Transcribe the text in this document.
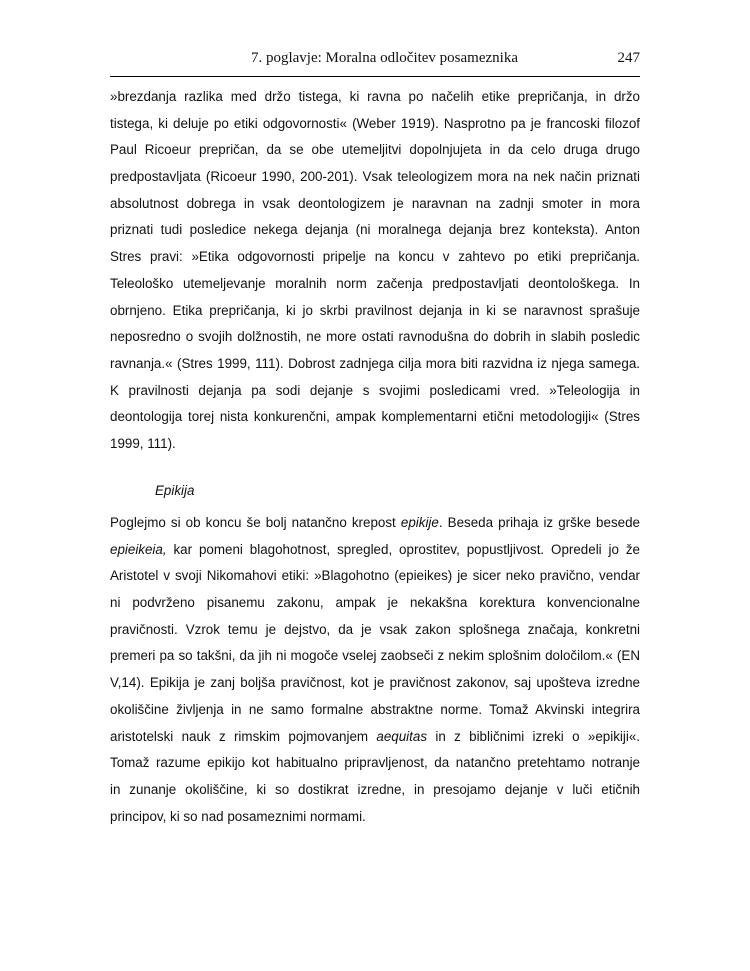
7. poglavje: Moralna odločitev posameznika	247
»brezdanja razlika med držo tistega, ki ravna po načelih etike prepričanja, in držo
tistega, ki deluje po etiki odgovornosti« (Weber 1919). Nasprotno pa je francoski filozof
Paul Ricoeur prepričan, da se obe utemeljitvi dopolnjujeta in da celo druga drugo
predpostavljata (Ricoeur 1990, 200-201). Vsak teleologizem mora na nek način priznati
absolutnost dobrega in vsak deontologizem je naravnan na zadnji smoter in mora
priznati tudi posledice nekega dejanja (ni moralnega dejanja brez konteksta). Anton
Stres pravi: »Etika odgovornosti pripelje na koncu v zahtevo po etiki prepričanja.
Teleološko utemeljevanje moralnih norm začenja predpostavljati deontološkega. In
obrnjeno. Etika prepričanja, ki jo skrbi pravilnost dejanja in ki se naravnost sprašuje
neposredno o svojih dolžnostih, ne more ostati ravnodušna do dobrih in slabih posledic
ravnanja.« (Stres 1999, 111). Dobrost zadnjega cilja mora biti razvidna iz njega samega.
K pravilnosti dejanja pa sodi dejanje s svojimi posledicami vred. »Teleologija in
deontologija torej nista konkurenčni, ampak komplementarni etični metodologiji« (Stres
1999, 111).
Epikija
Poglejmo si ob koncu še bolj natančno krepost epikije. Beseda prihaja iz grške besede
epieikeia, kar pomeni blagohotnost, spregled, oprostitev, popustljivost. Opredeli jo že
Aristotel v svoji Nikomahovi etiki: »Blagohotno (epieikes) je sicer neko pravično, vendar
ni podvrženo pisanemu zakonu, ampak je nekakšna korektura konvencionalne
pravičnosti. Vzrok temu je dejstvo, da je vsak zakon splošnega značaja, konkretni
premeri pa so takšni, da jih ni mogoče vselej zaobseči z nekim splošnim določilom.« (EN
V,14). Epikija je zanj boljša pravičnost, kot je pravičnost zakonov, saj upošteva izredne
okoliščine življenja in ne samo formalne abstraktne norme. Tomaž Akvinski integrira
aristotelski nauk z rimskim pojmovanjem aequitas in z bibličnimi izreki o »epikiji«.
Tomaž razume epikijo kot habitualno pripravljenost, da natančno pretehtamo notranje
in zunanje okoliščine, ki so dostikrat izredne, in presojamo dejanje v luči etičnih
principov, ki so nad posameznimi normami.
